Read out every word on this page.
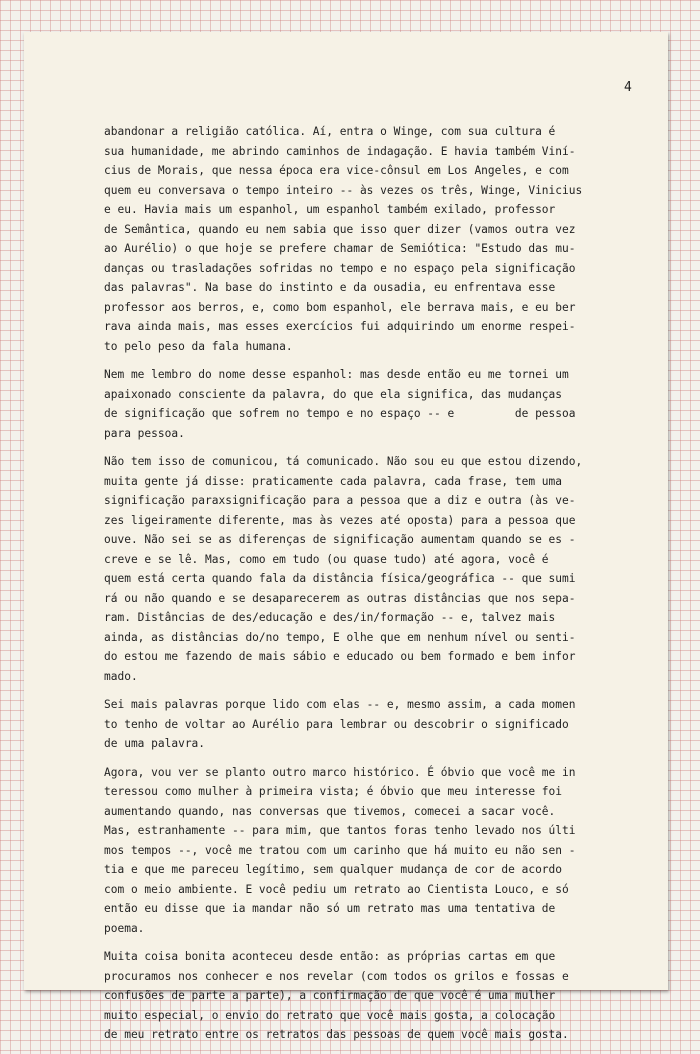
4
abandonar a religião católica. Aí, entra o Winge, com sua cultura é
sua humanidade, me abrindo caminhos de indagação. E havia também Viní-
cius de Morais, que nessa época era vice-cônsul em Los Angeles, e com
quem eu conversava o tempo inteiro -- às vezes os três, Winge, Vinicius
e eu. Havia mais um espanhol, um espanhol também exilado, professor
de Semântica, quando eu nem sabia que isso quer dizer (vamos outra vez
ao Aurélio) o que hoje se prefere chamar de Semiótica: "Estudo das mu-
danças ou trasladações sofridas no tempo e no espaço pela significação
das palavras". Na base do instinto e da ousadia, eu enfrentava esse
professor aos berros, e, como bom espanhol, ele berrava mais, e eu ber
rava ainda mais, mas esses exercícios fui adquirindo um enorme respei-
to pelo peso da fala humana.
Nem me lembro do nome desse espanhol: mas desde então eu me tornei um
apaixonado consciente da palavra, do que ela significa, das mudanças
de significação que sofrem no tempo e no espaço -- e         de pessoa
para pessoa.
Não tem isso de comunicou, tá comunicado. Não sou eu que estou dizendo,
muita gente já disse: praticamente cada palavra, cada frase, tem uma
significação paraxsignificação para a pessoa que a diz e outra (às ve-
zes ligeiramente diferente, mas às vezes até oposta) para a pessoa que
ouve. Não sei se as diferenças de significação aumentam quando se es -
creve e se lê. Mas, como em tudo (ou quase tudo) até agora, você é
quem está certa quando fala da distância física/geográfica -- que sumi
rá ou não quando e se desaparecerem as outras distâncias que nos sepa-
ram. Distâncias de des/educação e des/in/formação -- e, talvez mais
ainda, as distâncias do/no tempo, E olhe que em nenhum nível ou senti-
do estou me fazendo de mais sábio e educado ou bem formado e bem infor
mado.
Sei mais palavras porque lido com elas -- e, mesmo assim, a cada momen
to tenho de voltar ao Aurélio para lembrar ou descobrir o significado
de uma palavra.
Agora, vou ver se planto outro marco histórico. É óbvio que você me in
teressou como mulher à primeira vista; é óbvio que meu interesse foi
aumentando quando, nas conversas que tivemos, comecei a sacar você.
Mas, estranhamente -- para mim, que tantos foras tenho levado nos últi
mos tempos --, você me tratou com um carinho que há muito eu não sen -
tia e que me pareceu legítimo, sem qualquer mudança de cor de acordo
com o meio ambiente. E você pediu um retrato ao Cientista Louco, e só
então eu disse que ia mandar não só um retrato mas uma tentativa de
poema.
Muita coisa bonita aconteceu desde então: as próprias cartas em que
procuramos nos conhecer e nos revelar (com todos os grilos e fossas e
confusões de parte a parte), a confirmação de que você é uma mulher
muito especial, o envio do retrato que você mais gosta, a colocação
de meu retrato entre os retratos das pessoas de quem você mais gosta.
